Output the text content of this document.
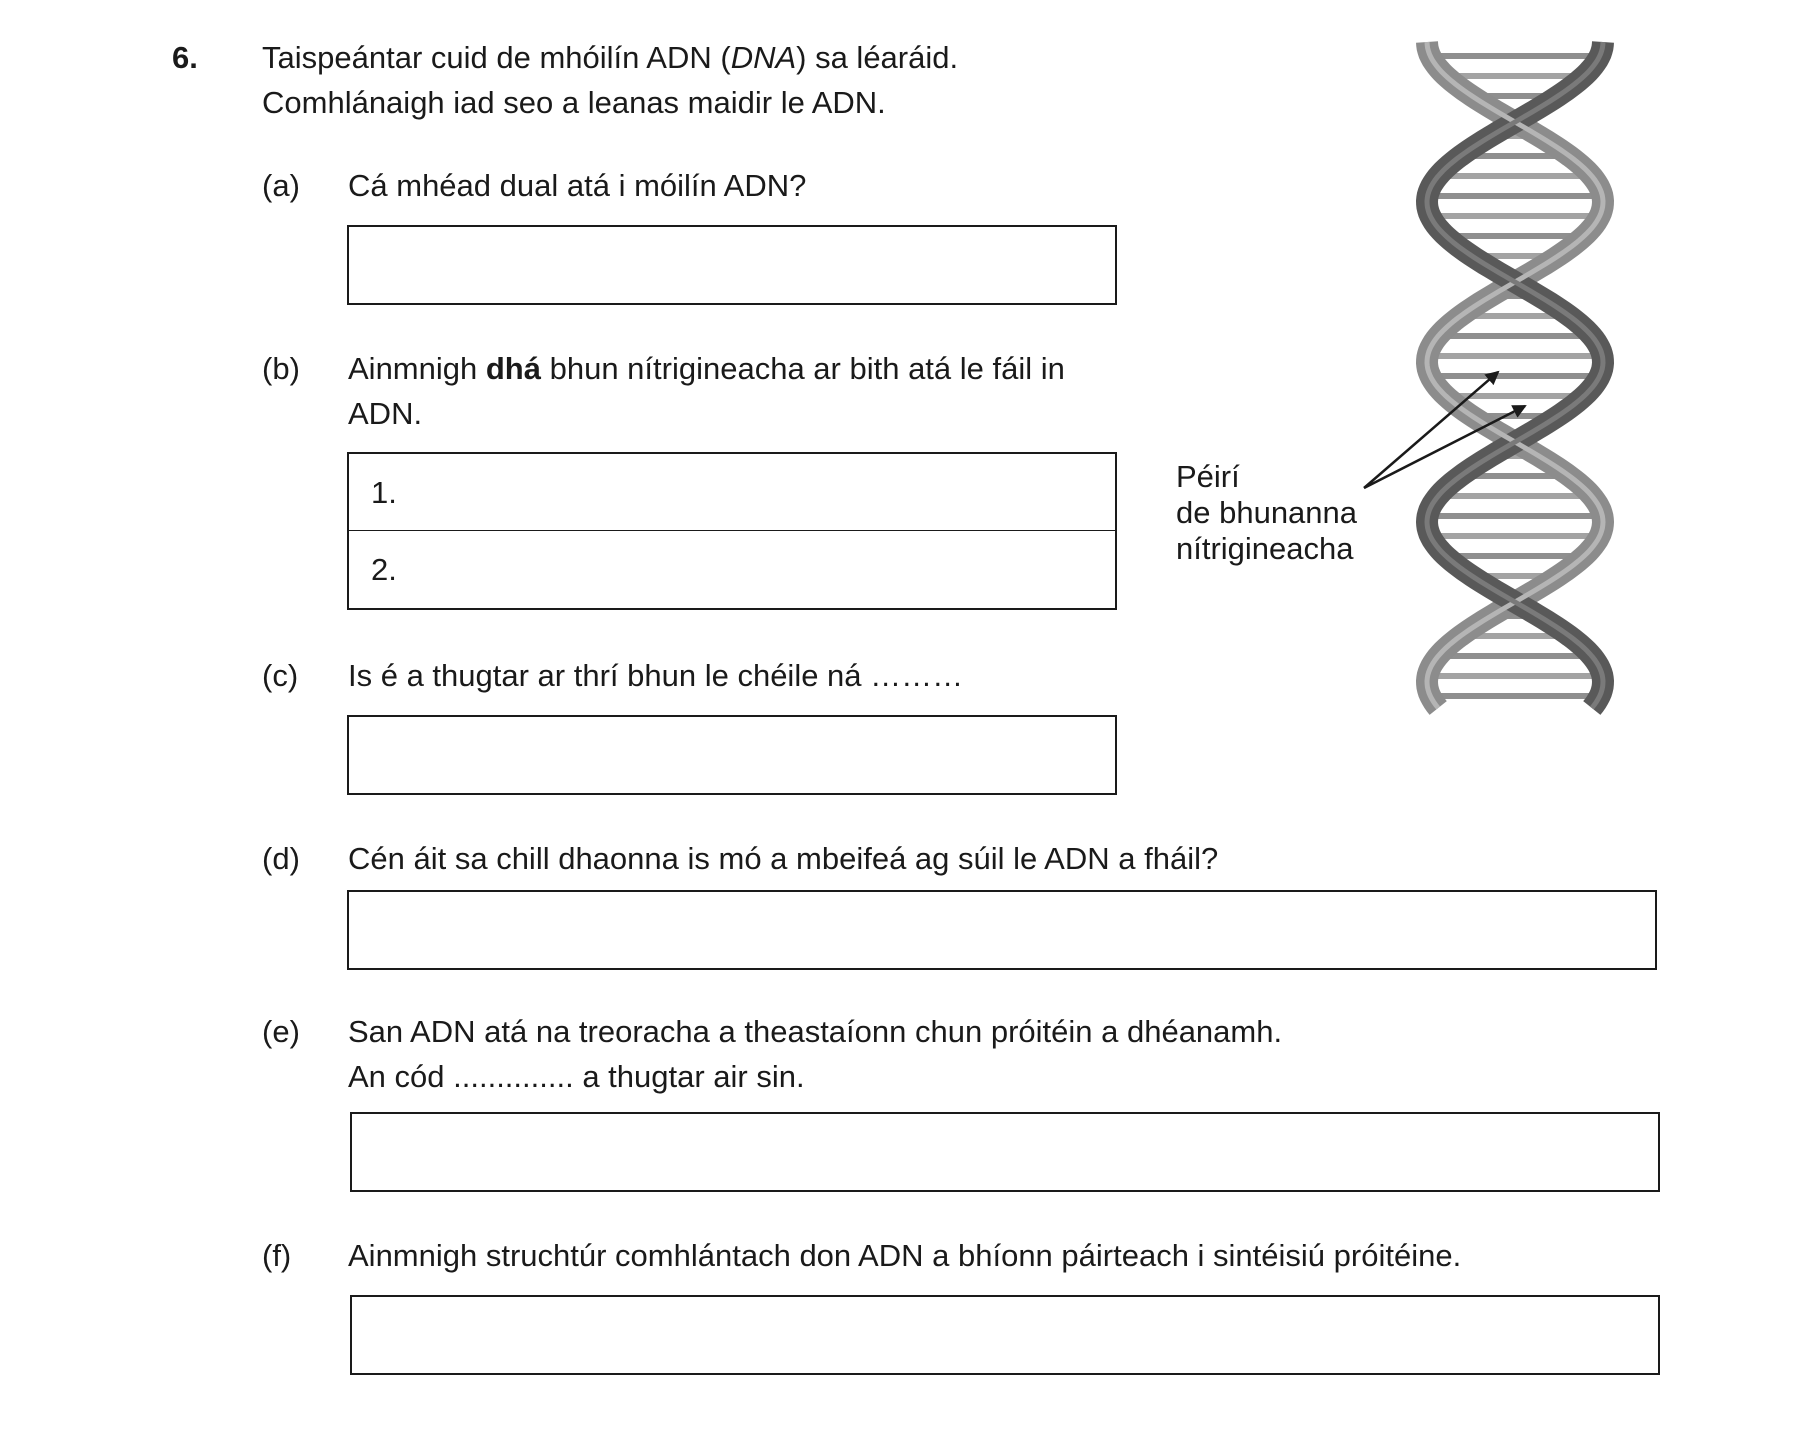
6. Taispeántar cuid de mhóilín ADN (DNA) sa léaráid.
Comhlánaigh iad seo a leanas maidir le ADN.
(a) Cá mhéad dual atá i móilín ADN?
(b) Ainmnigh dhá bhun nítrigineacha ar bith atá le fáil in
ADN.
1.
2.
(c) Is é a thugtar ar thrí bhun le chéile ná ………
(d) Cén áit sa chill dhaonna is mó a mbeifeá ag súil le ADN a fháil?
(e) San ADN atá na treoracha a theastaíonn chun próitéin a dhéanamh.
An cód .............. a thugtar air sin.
(f) Ainmnigh struchtúr comhlántach don ADN a bhíonn páirteach i sintéisiú próitéine.
Péirí
de bhunanna
nítrigineacha
